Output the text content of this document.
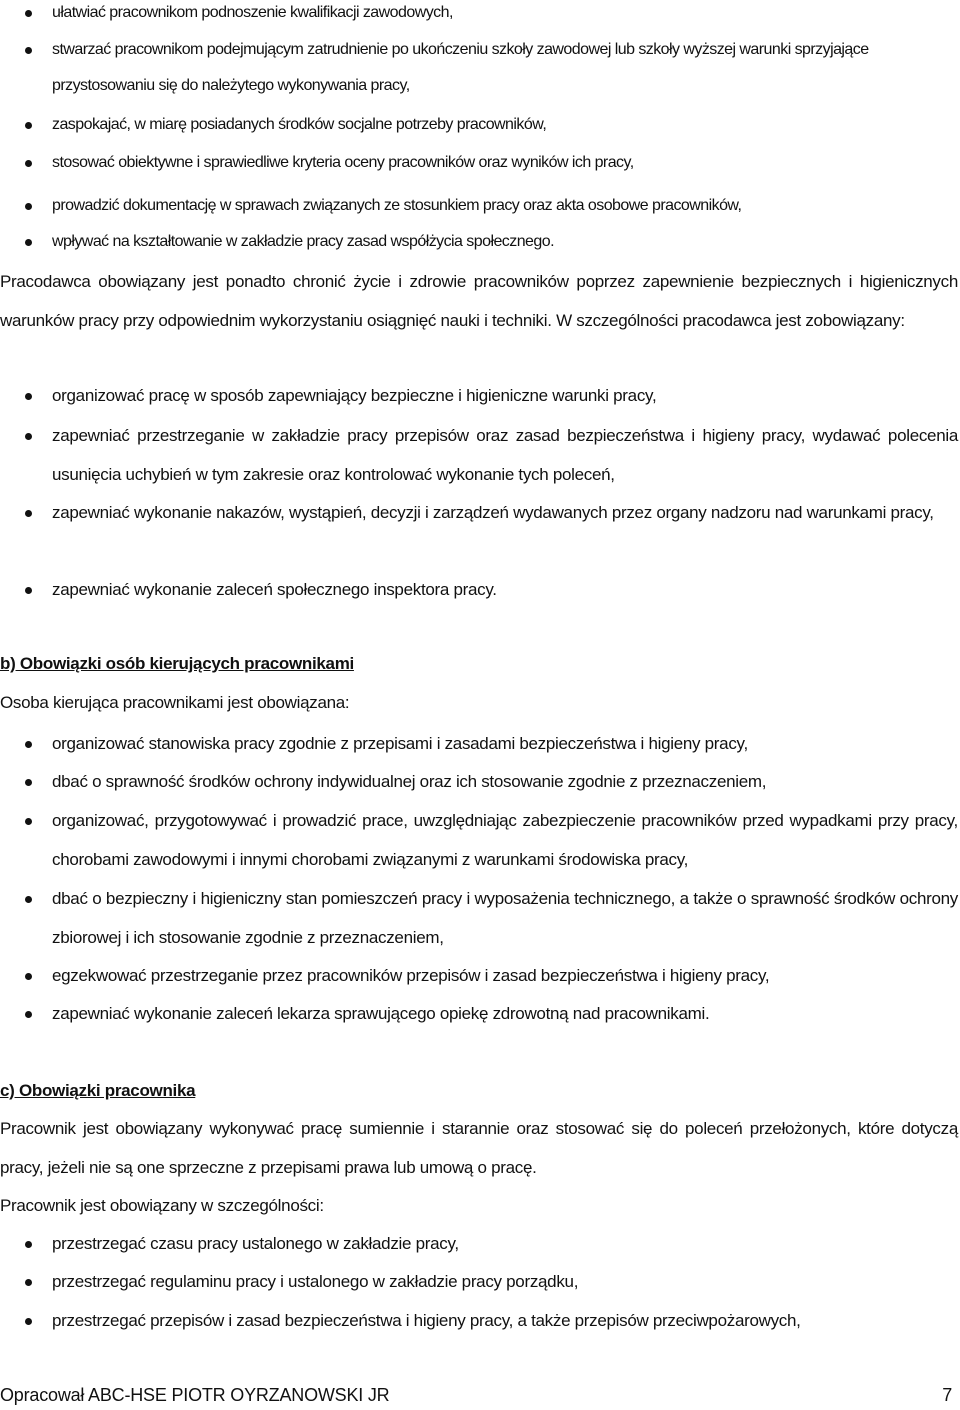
ułatwiać pracownikom podnoszenie kwalifikacji zawodowych,
stwarzać pracownikom podejmującym zatrudnienie po ukończeniu szkoły zawodowej lub szkoły wyższej warunki sprzyjające przystosowaniu się do należytego wykonywania pracy,
zaspokajać, w miarę posiadanych środków socjalne potrzeby pracowników,
stosować obiektywne i sprawiedliwe kryteria oceny pracowników oraz wyników ich pracy,
prowadzić dokumentację w sprawach związanych ze stosunkiem pracy oraz akta osobowe pracowników,
wpływać na kształtowanie w zakładzie pracy zasad współżycia społecznego.
Pracodawca obowiązany jest ponadto chronić życie i zdrowie pracowników poprzez zapewnienie bezpiecznych i higienicznych warunków pracy przy odpowiednim wykorzystaniu osiągnięć nauki i techniki. W szczególności pracodawca jest zobowiązany:
organizować pracę w sposób zapewniający bezpieczne i higieniczne warunki pracy,
zapewniać przestrzeganie w zakładzie pracy przepisów oraz zasad bezpieczeństwa i higieny pracy, wydawać polecenia usunięcia uchybień w tym zakresie oraz kontrolować wykonanie tych poleceń,
zapewniać wykonanie nakazów, wystąpień, decyzji i zarządzeń wydawanych przez organy nadzoru nad warunkami pracy,
zapewniać wykonanie zaleceń społecznego inspektora pracy.
b) Obowiązki osób kierujących pracownikami
Osoba kierująca pracownikami jest obowiązana:
organizować stanowiska pracy zgodnie z przepisami i zasadami bezpieczeństwa i higieny pracy,
dbać o sprawność środków ochrony indywidualnej oraz ich stosowanie zgodnie z przeznaczeniem,
organizować, przygotowywać i prowadzić prace, uwzględniając zabezpieczenie pracowników przed wypadkami przy pracy, chorobami zawodowymi i innymi chorobami związanymi z warunkami środowiska pracy,
dbać o bezpieczny i higieniczny stan pomieszczeń pracy i wyposażenia technicznego, a także o sprawność środków ochrony zbiorowej i ich stosowanie zgodnie z przeznaczeniem,
egzekwować przestrzeganie przez pracowników przepisów i zasad bezpieczeństwa i higieny pracy,
zapewniać wykonanie zaleceń lekarza sprawującego opiekę zdrowotną nad pracownikami.
c) Obowiązki pracownika
Pracownik jest obowiązany wykonywać pracę sumiennie i starannie oraz stosować się do poleceń przełożonych, które dotyczą pracy, jeżeli nie są one sprzeczne z przepisami prawa lub umową o pracę.
Pracownik jest obowiązany w szczególności:
przestrzegać czasu pracy ustalonego w zakładzie pracy,
przestrzegać regulaminu pracy i ustalonego w zakładzie pracy porządku,
przestrzegać przepisów i zasad bezpieczeństwa i higieny pracy, a także przepisów przeciwpożarowych,
Opracował ABC-HSE PIOTR OYRZANOWSKI JR	7
